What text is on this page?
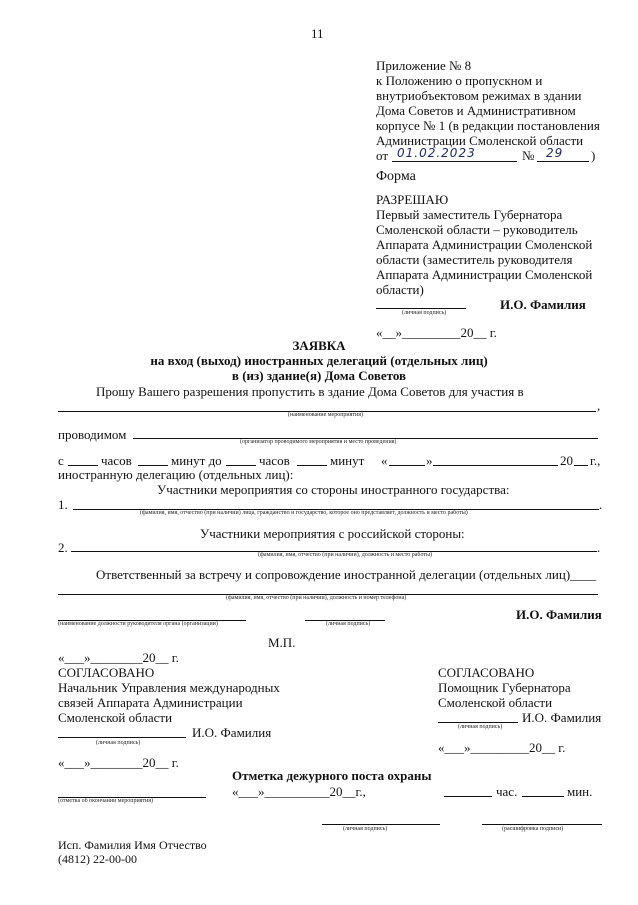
11
Приложение № 8
к Положению о пропускном и
внутриобъектовом режимах в здании
Дома Советов и Административном
корпусе № 1 (в редакции постановления
Администрации Смоленской области
от 01.02.2023	№ 29 )
Форма
РАЗРЕШАЮ
Первый заместитель Губернатора
Смоленской области – руководитель
Аппарата Администрации Смоленской
области (заместитель руководителя
Аппарата Администрации Смоленской
области)
(личная подпись)
И.О. Фамилия
«__»_________20__ г.
ЗАЯВКА
на вход (выход) иностранных делегаций (отдельных лиц)
в (из) здание(я) Дома Советов
Прошу Вашего разрешения пропустить в здание Дома Советов для участия в
,
(наименование мероприятия)
проводимом	(организатор проводимого мероприятия и место проведения)
с	часов	минут до	часов	минут «	»	20 г.,
иностранную делегацию (отдельных лиц):
Участники мероприятия со стороны иностранного государства:
1.	.
(фамилия, имя, отчество (при наличии) лица, гражданство и государство, которое оно представляет, должность и место работы)
Участники мероприятия с российской стороны:
2.	.
(фамилия, имя, отчество (при наличии), должность и место работы)
Ответственный за встречу и сопровождение иностранной делегации (отдельных лиц)____
(фамилия, имя, отчество (при наличии), должность и номер телефона)
И.О. Фамилия
(наименование должности руководителя органа (организации)	(личная подпись)
М.П.
«___»________20__ г.
СОГЛАСОВАНО
Начальник Управления международных
связей Аппарата Администрации
Смоленской области
И.О. Фамилия
(личная подпись)
«___»________20__ г.
СОГЛАСОВАНО
Помощник Губернатора
Смоленской области
И.О. Фамилия
(личная подпись)
«___»_________20__ г.
Отметка дежурного поста охраны
«___»__________20__г.,	час.	мин.
(отметка об окончании мероприятия)
(личная подпись)	(расшифровка подписи)
Исп. Фамилия Имя Отчество
(4812) 22-00-00
